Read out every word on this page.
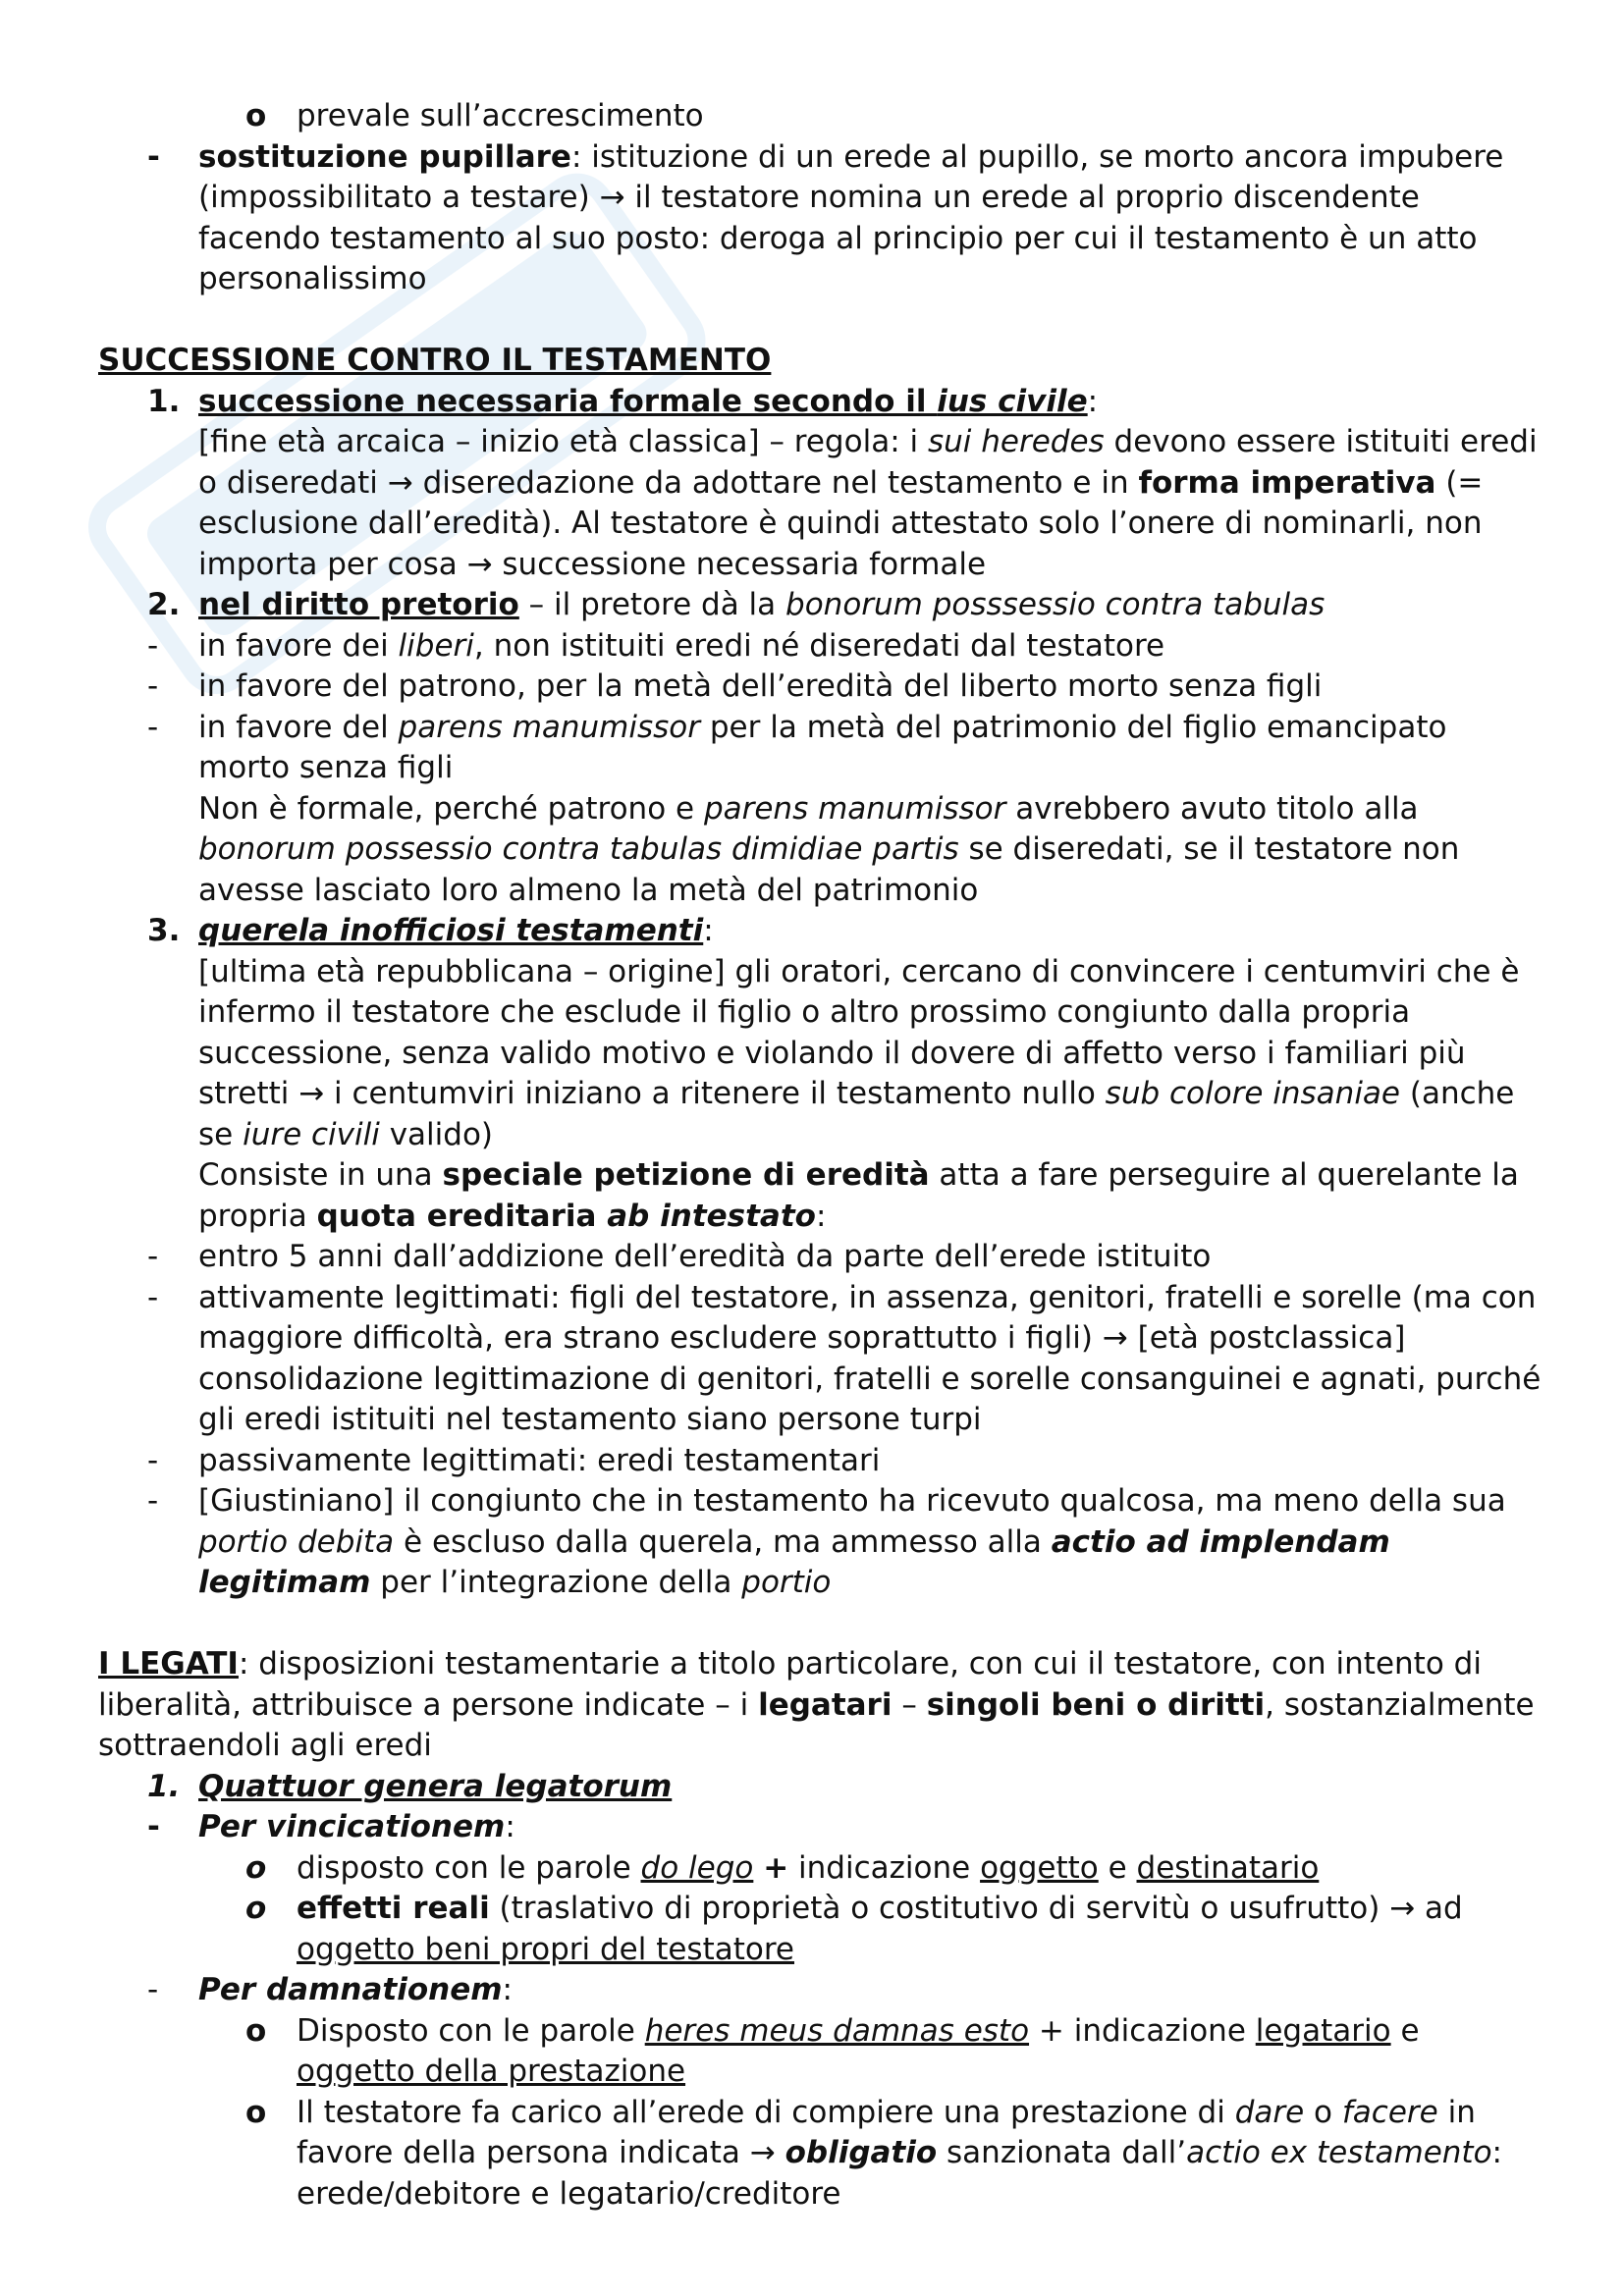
o prevale sull’accrescimento
- sostituzione pupillare: istituzione di un erede al pupillo, se morto ancora impubere
(impossibilitato a testare) → il testatore nomina un erede al proprio discendente
facendo testamento al suo posto: deroga al principio per cui il testamento è un atto
personalissimo
SUCCESSIONE CONTRO IL TESTAMENTO
1. successione necessaria formale secondo il ius civile:
[fine età arcaica – inizio età classica] – regola: i sui heredes devono essere istituiti eredi
o diseredati → diseredazione da adottare nel testamento e in forma imperativa (=
esclusione dall’eredità). Al testatore è quindi attestato solo l’onere di nominarli, non
importa per cosa → successione necessaria formale
2. nel diritto pretorio – il pretore dà la bonorum posssessio contra tabulas
- in favore dei liberi, non istituiti eredi né diseredati dal testatore
- in favore del patrono, per la metà dell’eredità del liberto morto senza figli
- in favore del parens manumissor per la metà del patrimonio del figlio emancipato
morto senza figli
Non è formale, perché patrono e parens manumissor avrebbero avuto titolo alla
bonorum possessio contra tabulas dimidiae partis se diseredati, se il testatore non
avesse lasciato loro almeno la metà del patrimonio
3. querela inofficiosi testamenti:
[ultima età repubblicana – origine] gli oratori, cercano di convincere i centumviri che è
infermo il testatore che esclude il figlio o altro prossimo congiunto dalla propria
successione, senza valido motivo e violando il dovere di affetto verso i familiari più
stretti → i centumviri iniziano a ritenere il testamento nullo sub colore insaniae (anche
se iure civili valido)
Consiste in una speciale petizione di eredità atta a fare perseguire al querelante la
propria quota ereditaria ab intestato:
- entro 5 anni dall’addizione dell’eredità da parte dell’erede istituito
- attivamente legittimati: figli del testatore, in assenza, genitori, fratelli e sorelle (ma con
maggiore difficoltà, era strano escludere soprattutto i figli) → [età postclassica]
consolidazione legittimazione di genitori, fratelli e sorelle consanguinei e agnati, purché
gli eredi istituiti nel testamento siano persone turpi
- passivamente legittimati: eredi testamentari
- [Giustiniano] il congiunto che in testamento ha ricevuto qualcosa, ma meno della sua
portio debita è escluso dalla querela, ma ammesso alla actio ad implendam
legitimam per l’integrazione della portio
I LEGATI: disposizioni testamentarie a titolo particolare, con cui il testatore, con intento di
liberalità, attribuisce a persone indicate – i legatari – singoli beni o diritti, sostanzialmente
sottraendoli agli eredi
1. Quattuor genera legatorum
- Per vincicationem:
o disposto con le parole do lego + indicazione oggetto e destinatario
o effetti reali (traslativo di proprietà o costitutivo di servitù o usufrutto) → ad
oggetto beni propri del testatore
- Per damnationem:
o Disposto con le parole heres meus damnas esto + indicazione legatario e
oggetto della prestazione
o Il testatore fa carico all’erede di compiere una prestazione di dare o facere in
favore della persona indicata → obligatio sanzionata dall’actio ex testamento:
erede/debitore e legatario/creditore
